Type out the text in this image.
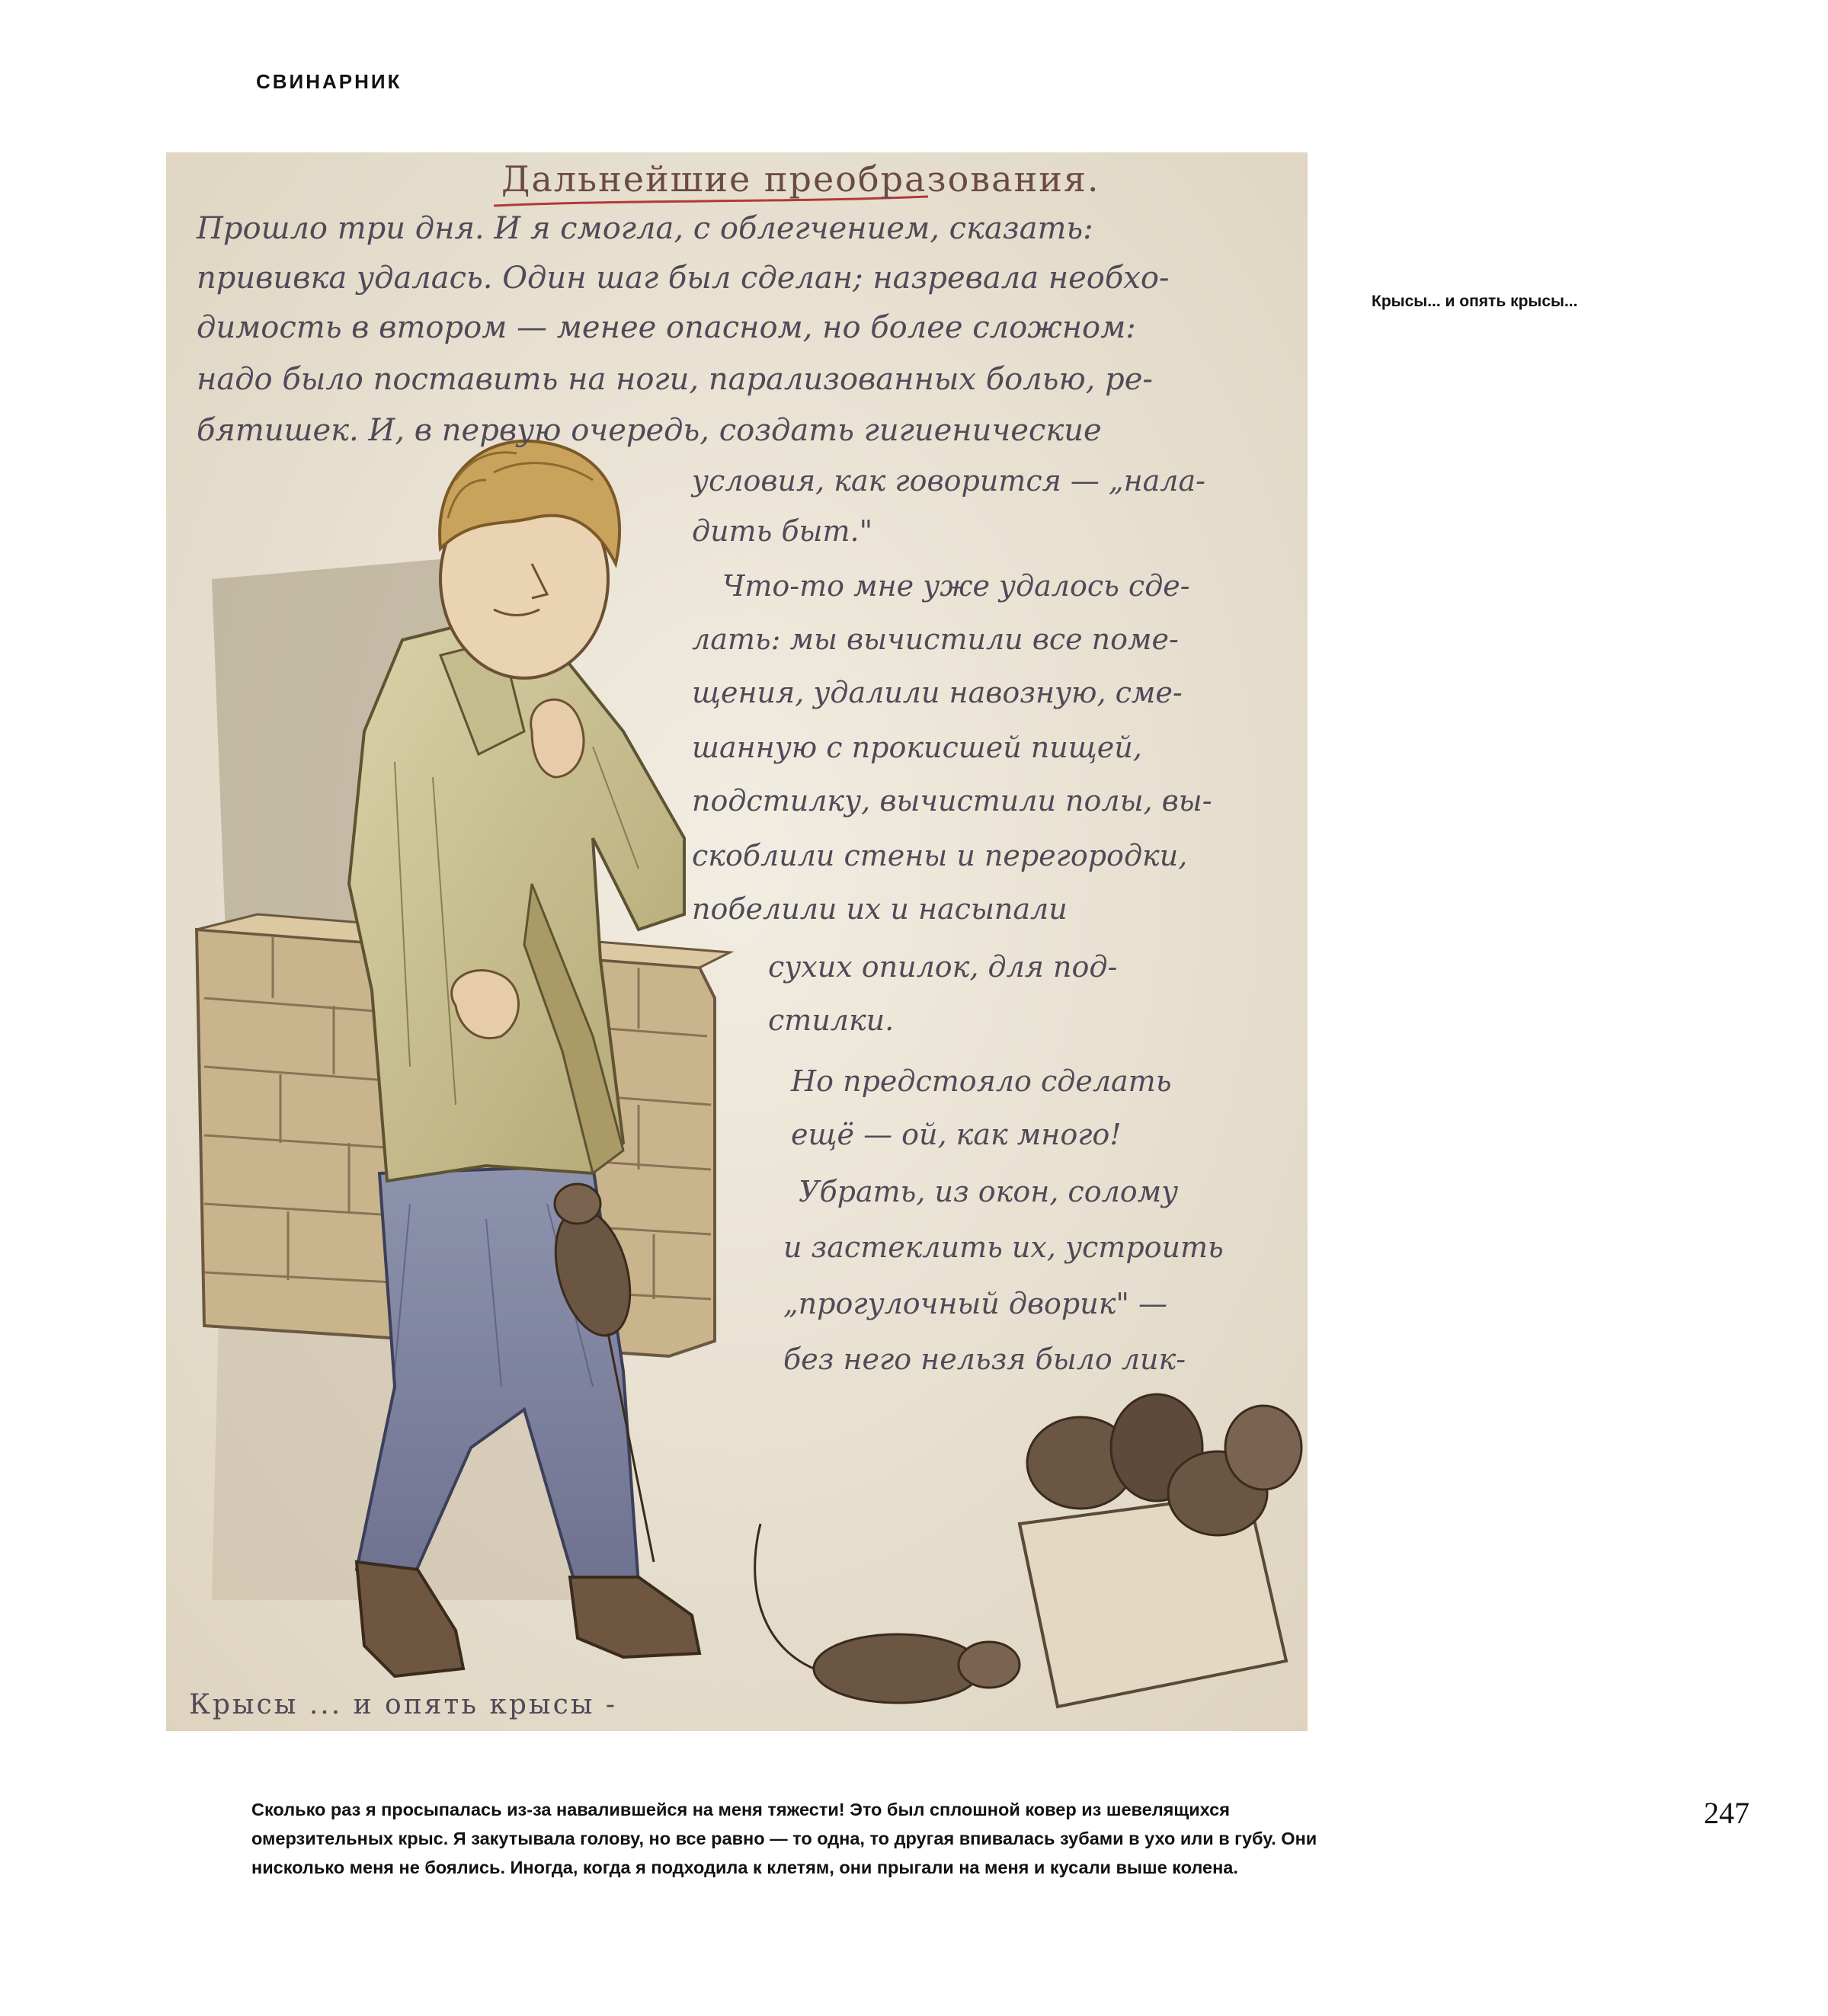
СВИНАРНИК
Дальнейшие преобразования.
Прошло три дня. И я смогла, с облегчением, сказать:
прививка удалась. Один шаг был сделан; назревала необхо-
димость в втором — менее опасном, но более сложном:
надо было поставить на ноги, парализованных болью, ре-
бятишек. И, в первую очередь, создать гигиенические
условия, как говорится — „нала-
дить быт."
Что-то мне уже удалось сде-
лать: мы вычистили все поме-
щения, удалили навозную, сме-
шанную с прокисшей пищей,
подстилку, вычистили полы, вы-
скоблили стены и перегородки,
побелили их и насыпали
сухих опилок, для под-
стилки.
Но предстояло сделать
ещё — ой, как много!
Убрать, из окон, солому
и застеклить их, устроить
„прогулочный дворик" —
без него нельзя было лик-
Крысы ... и опять крысы -
Крысы... и опять крысы...
247

Сколько раз я просыпалась из-за навалившейся на меня тяжести! Это был сплошной ковер из шевелящихся
омерзительных крыс. Я закутывала голову, но все равно — то одна, то другая впивалась зубами в ухо или в губу. Они
нисколько меня не боялись. Иногда, когда я подходила к клетям, они прыгали на меня и кусали выше колена.
